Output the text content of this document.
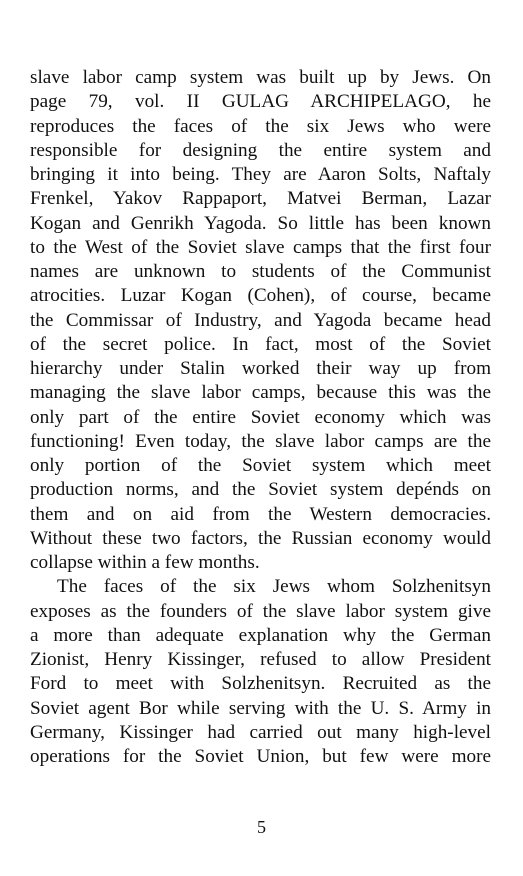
slave labor camp system was built up by Jews. On
page 79, vol. II GULAG ARCHIPELAGO, he
reproduces the faces of the six Jews who were
responsible for designing the entire system and
bringing it into being. They are Aaron Solts, Naftaly
Frenkel, Yakov Rappaport, Matvei Berman, Lazar
Kogan and Genrikh Yagoda. So little has been known
to the West of the Soviet slave camps that the first four
names are unknown to students of the Communist
atrocities. Luzar Kogan (Cohen), of course, became
the Commissar of Industry, and Yagoda became head
of the secret police. In fact, most of the Soviet
hierarchy under Stalin worked their way up from
managing the slave labor camps, because this was the
only part of the entire Soviet economy which was
functioning! Even today, the slave labor camps are the
only portion of the Soviet system which meet
production norms, and the Soviet system depénds on
them and on aid from the Western democracies.
Without these two factors, the Russian economy would
collapse within a few months.
The faces of the six Jews whom Solzhenitsyn
exposes as the founders of the slave labor system give
a more than adequate explanation why the German
Zionist, Henry Kissinger, refused to allow President
Ford to meet with Solzhenitsyn. Recruited as the
Soviet agent Bor while serving with the U. S. Army in
Germany, Kissinger had carried out many high-level
operations for the Soviet Union, but few were more
5
